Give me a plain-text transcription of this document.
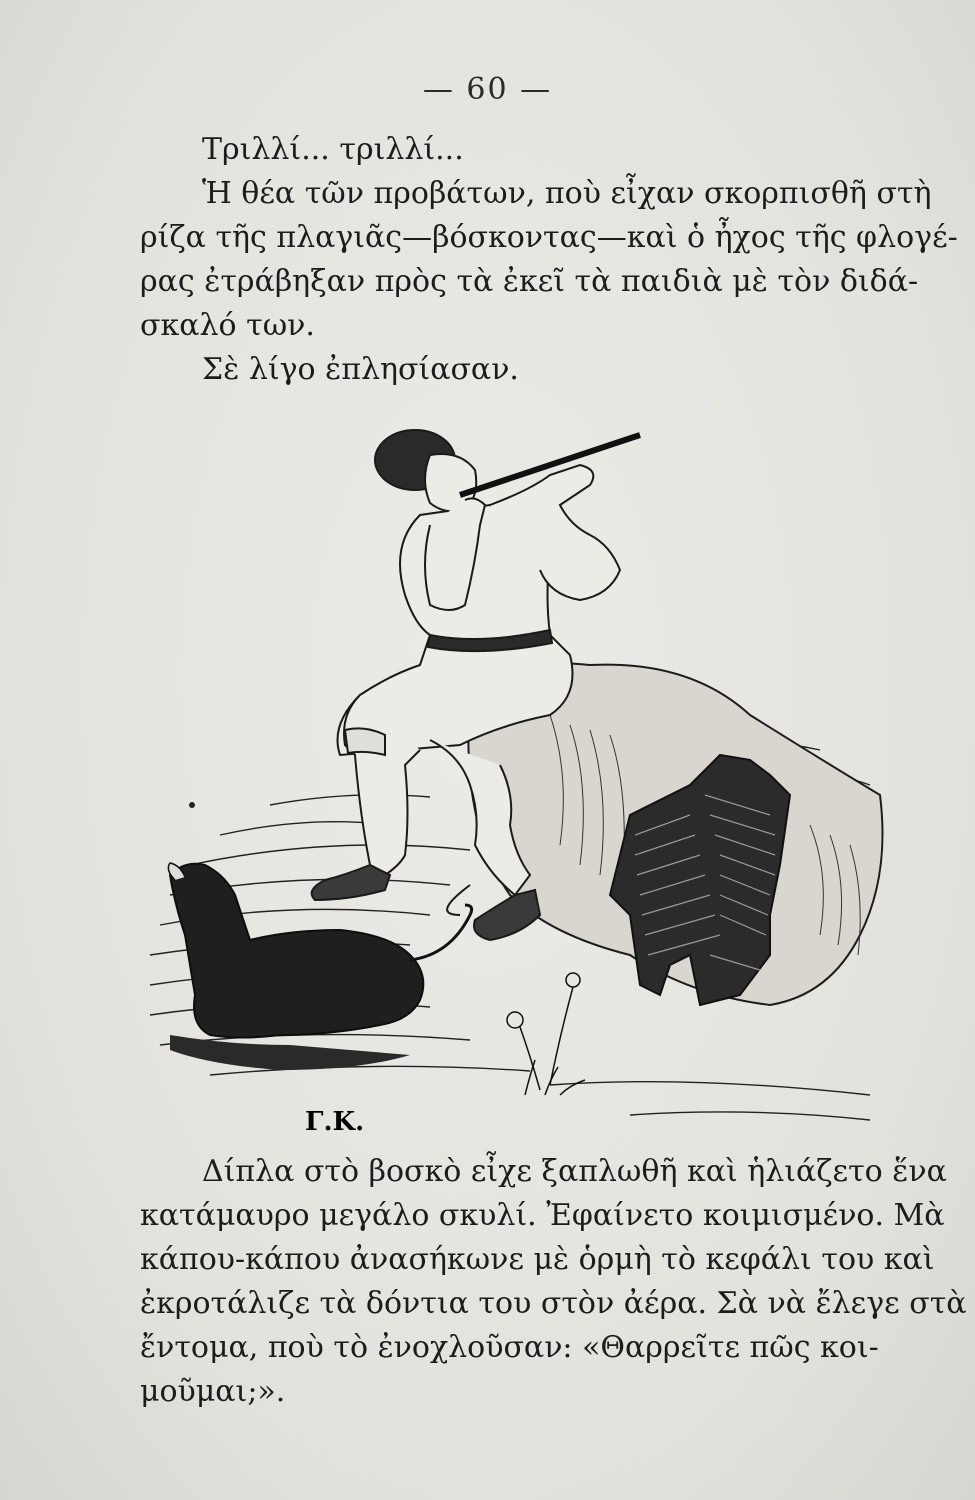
— 60 —
Τριλλί... τριλλί...
Ἡ θέα τῶν προβάτων, ποὺ εἶχαν σκορπισθῆ στὴ
ρίζα τῆς πλαγιᾶς—βόσκοντας—καὶ ὁ ἦχος τῆς φλογέ-
ρας ἐτράβηξαν πρὸς τὰ ἐκεῖ τὰ παιδιὰ μὲ τὸν διδά-
σκαλό των.
Σὲ λίγο ἐπλησίασαν.
Γ.Κ.
Δίπλα στὸ βοσκὸ εἶχε ξαπλωθῆ καὶ ἡλιάζετο ἕνα
κατάμαυρο μεγάλο σκυλί. Ἐφαίνετο κοιμισμένο. Μὰ
κάπου-κάπου ἀνασήκωνε μὲ ὁρμὴ τὸ κεφάλι του καὶ
ἐκροτάλιζε τὰ δόντια του στὸν ἀέρα. Σὰ νὰ ἔλεγε στὰ
ἔντομα, ποὺ τὸ ἐνοχλοῦσαν: «Θαρρεῖτε πῶς κοι-
μοῦμαι;».
